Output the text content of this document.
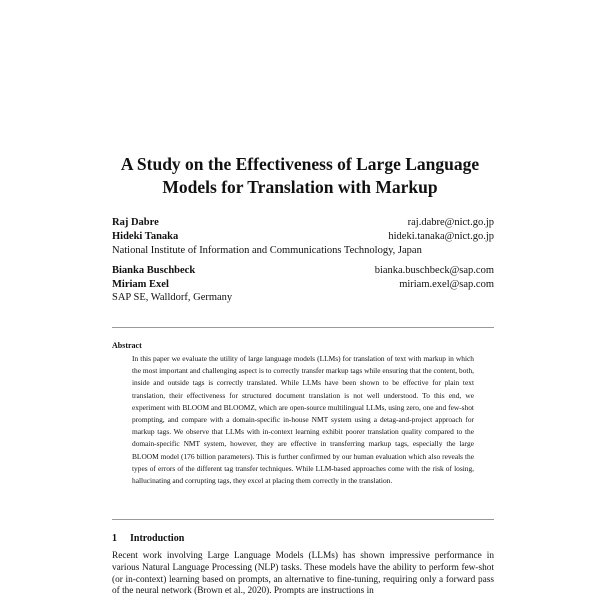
A Study on the Effectiveness of Large Language
Models for Translation with Markup
Raj Dabre	raj.dabre@nict.go.jp
Hideki Tanaka	hideki.tanaka@nict.go.jp
National Institute of Information and Communications Technology, Japan
Bianka Buschbeck	bianka.buschbeck@sap.com
Miriam Exel	miriam.exel@sap.com
SAP SE, Walldorf, Germany
Abstract
In this paper we evaluate the utility of large language models (LLMs) for translation of text with markup in which the most important and challenging aspect is to correctly transfer markup tags while ensuring that the content, both, inside and outside tags is correctly translated. While LLMs have been shown to be effective for plain text translation, their effectiveness for structured document translation is not well understood. To this end, we experiment with BLOOM and BLOOMZ, which are open-source multilingual LLMs, using zero, one and few-shot prompting, and compare with a domain-specific in-house NMT system using a detag-and-project approach for markup tags. We observe that LLMs with in-context learning exhibit poorer translation quality compared to the domain-specific NMT system, however, they are effective in transferring markup tags, especially the large BLOOM model (176 billion parameters). This is further confirmed by our human evaluation which also reveals the types of errors of the different tag transfer techniques. While LLM-based approaches come with the risk of losing, hallucinating and corrupting tags, they excel at placing them correctly in the translation.
1 Introduction
Recent work involving Large Language Models (LLMs) has shown impressive performance in various Natural Language Processing (NLP) tasks. These models have the ability to perform few-shot (or in-context) learning based on prompts, an alternative to fine-tuning, requiring only a forward pass of the neural network (Brown et al., 2020). Prompts are instructions in
